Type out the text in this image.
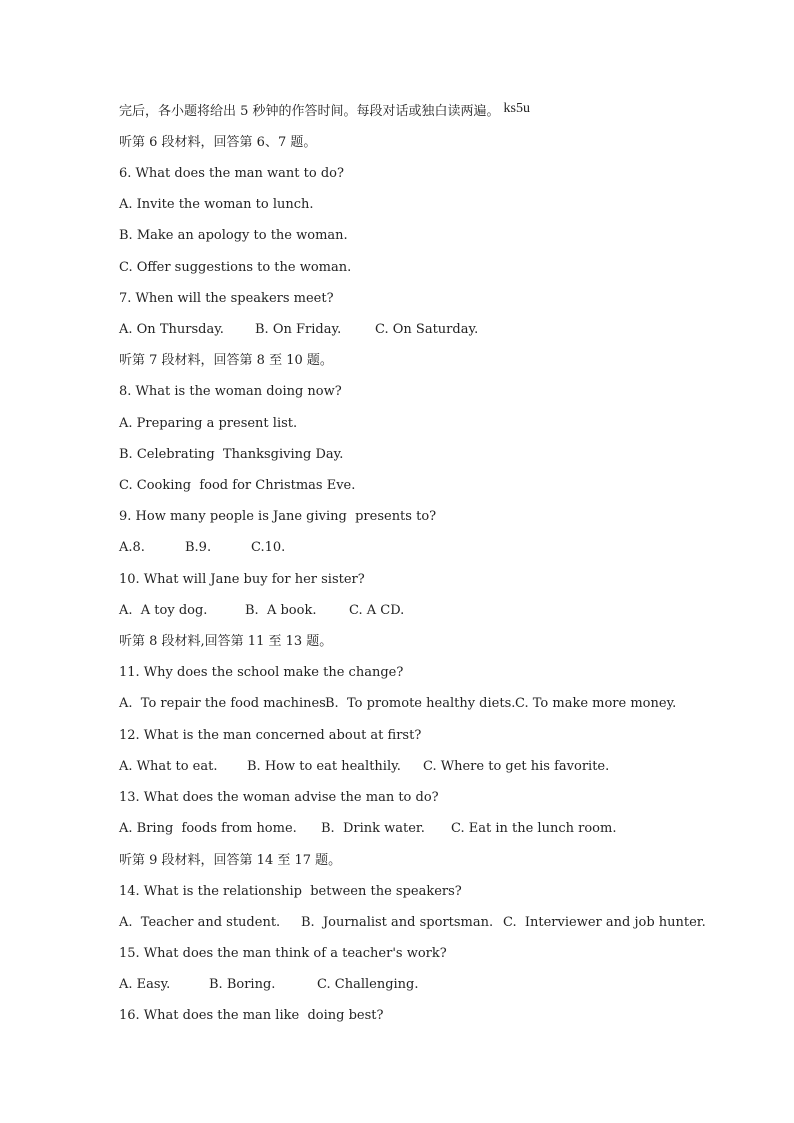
完后，各小题将给出 5 秒钟的作答时间。每段对话或独白读两遍。 ks5u
听第 6 段材料，回答第 6、7 题。
6. What does the man want to do?
A. Invite the woman to lunch.
B. Make an apology to the woman.
C. Offer suggestions to the woman.
7. When will the speakers meet?

A. On Thursday.

B. On Friday.

	C. On Saturday.

听第 7 段材料，回答第 8 至 10 题。
8. What is the woman doing now?
A. Preparing a present list.
B. Celebrating  Thanksgiving Day.
C. Cooking  food for Christmas Eve.
9. How many people is Jane giving  presents to?

A.8.

	B.9.

	C.10.

10. What will Jane buy for her sister?

A.  A toy dog.

	B.  A book.

	C. A CD.

听第 8 段材料,回答第 11 至 13 题。
11. Why does the school make the change?

A.  To repair the food machines.

B.  To promote healthy diets.

C. To make more money.

12. What is the man concerned about at first?

A. What to eat.

B. How to eat healthily.

C. Where to get his favorite.

13. What does the woman advise the man to do?

A. Bring  foods from home.

B.  Drink water.

C. Eat in the lunch room.

听第 9 段材料，回答第 14 至 17 题。
14. What is the relationship  between the speakers?

A.  Teacher and student.

B.  Journalist and sportsman.

C.  Interviewer and job hunter.

15. What does the man think of a teacher's work?

A. Easy.

	B. Boring.

	C. Challenging.

16. What does the man like  doing best?
